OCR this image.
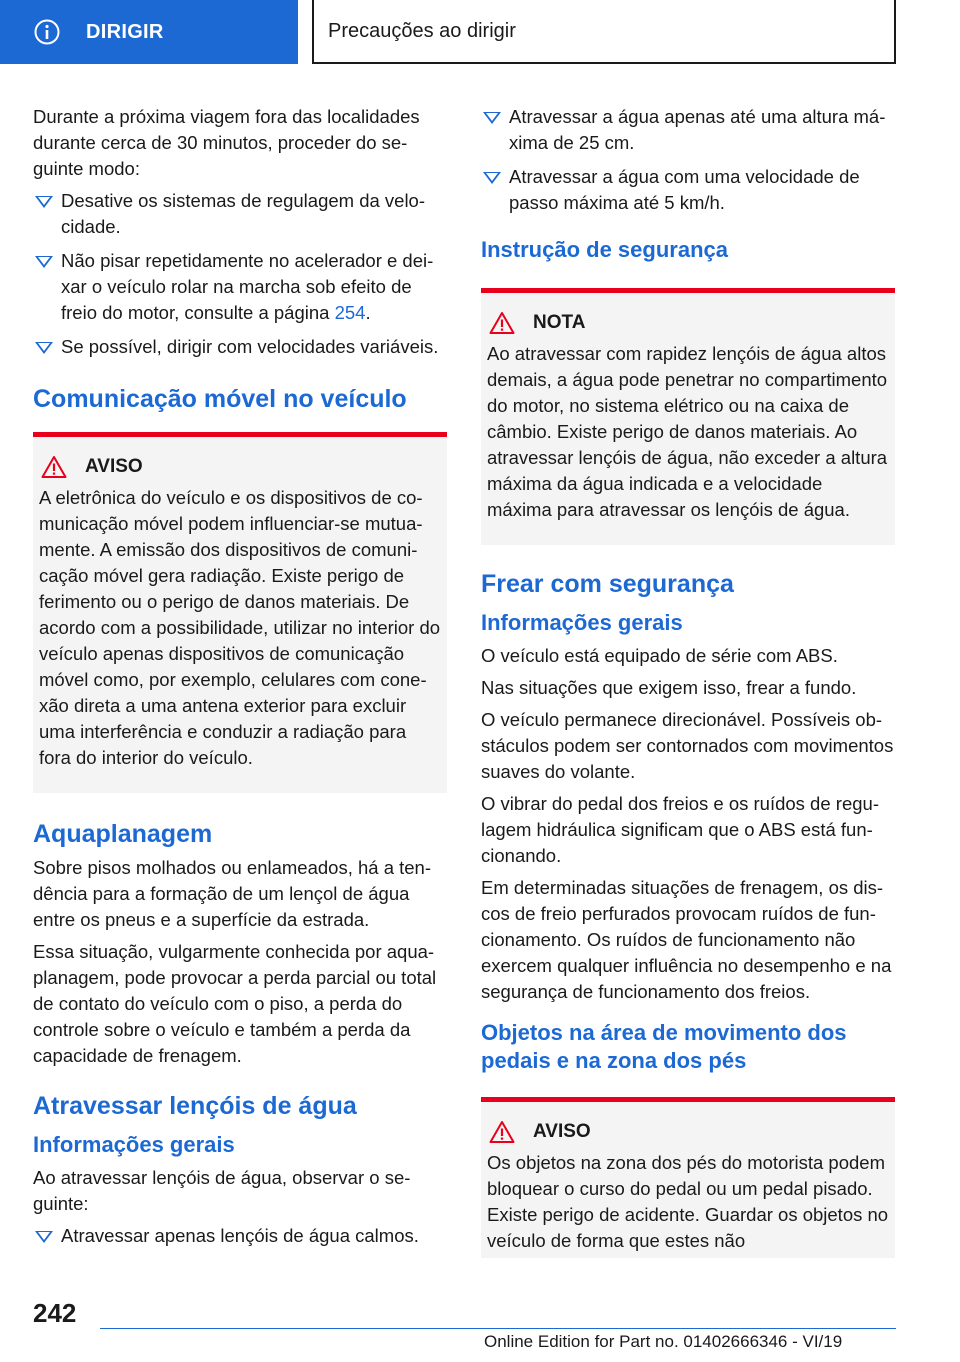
DIRIGIR	Precauções ao dirigir

Durante a próxima viagem fora das localidades durante cerca de 30 minutos, proceder do seguinte modo:

Desative os sistemas de regulagem da velocidade.
Não pisar repetidamente no acelerador e deixar o veículo rolar na marcha sob efeito de freio do motor, consulte a página 254.
Se possível, dirigir com velocidades variáveis.
Comunicação móvel no veículo
AVISO

A eletrônica do veículo e os dispositivos de comunicação móvel podem influenciar-se mutuamente. A emissão dos dispositivos de comunicação móvel gera radiação. Existe perigo de ferimento ou o perigo de danos materiais. De acordo com a possibilidade, utilizar no interior do veículo apenas dispositivos de comunicação móvel como, por exemplo, celulares com conexão direta a uma antena exterior para excluir uma interferência e conduzir a radiação para fora do interior do veículo.

Aquaplanagem

Sobre pisos molhados ou enlameados, há a tendência para a formação de um lençol de água entre os pneus e a superfície da estrada.

Essa situação, vulgarmente conhecida por aquaplanagem, pode provocar a perda parcial ou total de contato do veículo com o piso, a perda do controle sobre o veículo e também a perda da capacidade de frenagem.

Atravessar lençóis de água
Informações gerais

Ao atravessar lençóis de água, observar o seguinte:

Atravessar apenas lençóis de água calmos.
Atravessar a água apenas até uma altura máxima de 25 cm.
Atravessar a água com uma velocidade de passo máxima até 5 km/h.
Instrução de segurança
NOTA

Ao atravessar com rapidez lençóis de água altos demais, a água pode penetrar no compartimento do motor, no sistema elétrico ou na caixa de câmbio. Existe perigo de danos materiais. Ao atravessar lençóis de água, não exceder a altura máxima da água indicada e a velocidade máxima para atravessar os lençóis de água.

Frear com segurança
Informações gerais

O veículo está equipado de série com ABS.

Nas situações que exigem isso, frear a fundo.

O veículo permanece direcionável. Possíveis obstáculos podem ser contornados com movimentos suaves do volante.

O vibrar do pedal dos freios e os ruídos de regulagem hidráulica significam que o ABS está funcionando.

Em determinadas situações de frenagem, os discos de freio perfurados provocam ruídos de funcionamento. Os ruídos de funcionamento não exercem qualquer influência no desempenho e na segurança de funcionamento dos freios.

Objetos na área de movimento dos pedais e na zona dos pés
AVISO

Os objetos na zona dos pés do motorista podem bloquear o curso do pedal ou um pedal pisado. Existe perigo de acidente. Guardar os objetos no veículo de forma que estes não

242
Online Edition for Part no. 01402666346 - VI/19
